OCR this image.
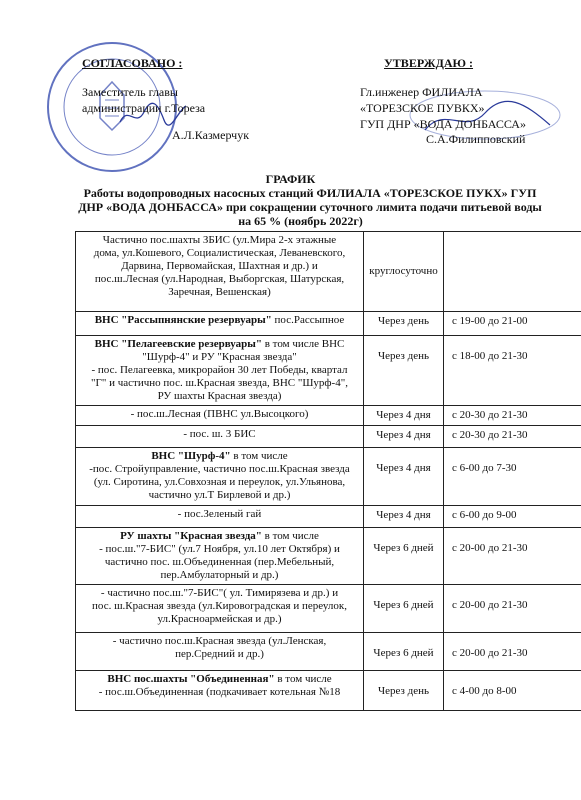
СОГЛАСОВАНО :
Заместитель главы
администрации г.Тореза
А.Л.Казмерчук
УТВЕРЖДАЮ :
Гл.инженер ФИЛИАЛА
«ТОРЕЗСКОЕ ПУВКХ»
ГУП ДНР «ВОДА ДОНБАССА»
С.А.Филипповский
ГРАФИК
Работы водопроводных насосных станций ФИЛИАЛА «ТОРЕЗСКОЕ ПУКХ» ГУП
ДНР «ВОДА ДОНБАССА» при сокращении суточного лимита подачи питьевой воды
на 65 % (ноябрь 2022г)
Частично пос.шахты ЗБИС (ул.Мира 2-х этажные
дома, ул.Кошевого, Социалистическая, Леваневского,
Дарвина, Первомайская, Шахтная и др.) и
пос.ш.Лесная (ул.Народная, Выборгская, Шатурская,
Заречная, Вешенская)	круглосуточно	

ВНС "Рассыпнянские резервуары" пос.Рассыпное	Через день	с 19-00 до 21-00

ВНС "Пелагеевские резервуары" в том числе ВНС
"Шурф-4" и РУ "Красная звезда"
- пос. Пелагеевка, микрорайон 30 лет Победы, квартал
"Г" и частично пос. ш.Красная звезда, ВНС "Шурф-4",
РУ шахты Красная звезда)	Через день	с 18-00 до 21-30

- пос.ш.Лесная (ПВНС ул.Высоцкого)	Через 4 дня	с 20-30 до 21-30

- пос. ш. 3 БИС	Через 4 дня	с 20-30 до 21-30

ВНС "Шурф-4" в том числе
-пос. Стройуправление, частично пос.ш.Красная звезда
(ул. Сиротина, ул.Совхозная и переулок, ул.Ульянова,
частично ул.Т Бирлевой и др.)	Через 4 дня	с 6-00 до 7-30

- пос.Зеленый гай	Через 4 дня	с 6-00 до 9-00

РУ шахты "Красная звезда" в том числе
- пос.ш."7-БИС" (ул.7 Ноября, ул.10 лет Октября) и
частично пос. ш.Объединенная (пер.Мебельный,
пер.Амбулаторный и др.)	Через 6 дней	с 20-00 до 21-30

- частично пос.ш."7-БИС"( ул. Тимирязева и др.) и
пос. ш.Красная звезда (ул.Кировоградская и переулок,
ул.Красноармейская и др.)	Через 6 дней	с 20-00 до 21-30

- частично пос.ш.Красная звезда (ул.Ленская,
пер.Средний и др.)	Через 6 дней	с 20-00 до 21-30

ВНС пос.шахты "Объединенная" в том числе
- пос.ш.Объединенная (подкачивает котельная №18	Через день	с 4-00 до 8-00
